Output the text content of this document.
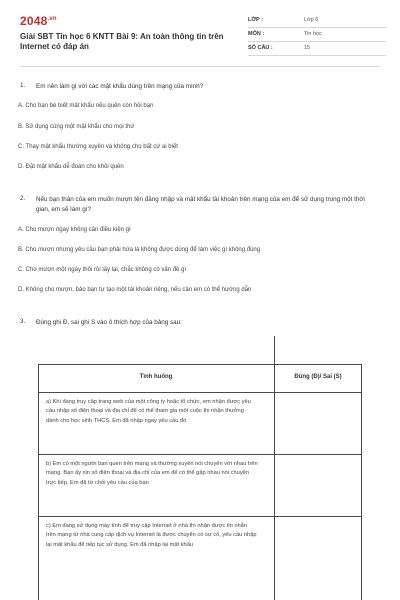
$2048^{.vn}$
Giải SBT Tin học 6 KNTT Bài 9: An toàn thông tin trên Internet có đáp án
LỚP :	Lớp 6
MÔN :	Tin học
SỐ CÂU :	15
1.	Em nên làm gì với các mật khẩu dùng trên mạng của mình?
A. Cho bạn bè biết mật khẩu nếu quên còn hỏi bạn
B. Sử dụng cùng một mật khẩu cho mọi thứ
C. Thay mật khẩu thường xuyên và không cho bất cứ ai biết
D. Đặt mật khẩu dễ đoán cho khỏi quên
2.	Nếu bạn thân của em muốn mượn tên đăng nhập và mật khẩu tài khoản trên mạng của em để sử dụng trong một thời gian, em sẽ làm gì?
A. Cho mượn ngay không cần điều kiện gì
B. Cho mượn nhưng yêu cầu bạn phải hứa là không được dùng để làm việc gì không đúng
C. Cho mượn một ngày thôi rồi lấy lại, chắc không có vấn đề gì
D. Không cho mượn, bảo bạn tự tạo một tài khoản riêng, nếu cần em có thể hướng dẫn
3.	Đúng ghi Đ, sai ghi S vào ô thích hợp của bảng sau:
Tình huống	Đúng (Đ)/ Sai (S)
a) Khi đang truy cập trang web của một công ty hoặc tổ chức, em nhận được yêu cầu nhập số điện thoại và địa chỉ để có thể tham gia một cuộc thi nhận thưởng dành cho học sinh THCS. Em đã nhập ngay yêu cầu đó
b) Em có một người bạn quen trên mạng và thường xuyên nói chuyện với nhau trên mạng. Bạn ấy xin số điện thoại và địa chỉ của em để có thể gặp nhau nói chuyện trực tiếp. Em đã từ chối yêu cầu của bạn
c) Em đang sử dụng máy tính để truy cập Internet ở nhà thì nhận được tin nhắn trên mạng từ nhà cung cấp dịch vụ Internet là được chuyển có sự cố, yêu cầu nhập lại mật khẩu để tiếp tục sử dụng. Em đã nhập lại mật khẩu
